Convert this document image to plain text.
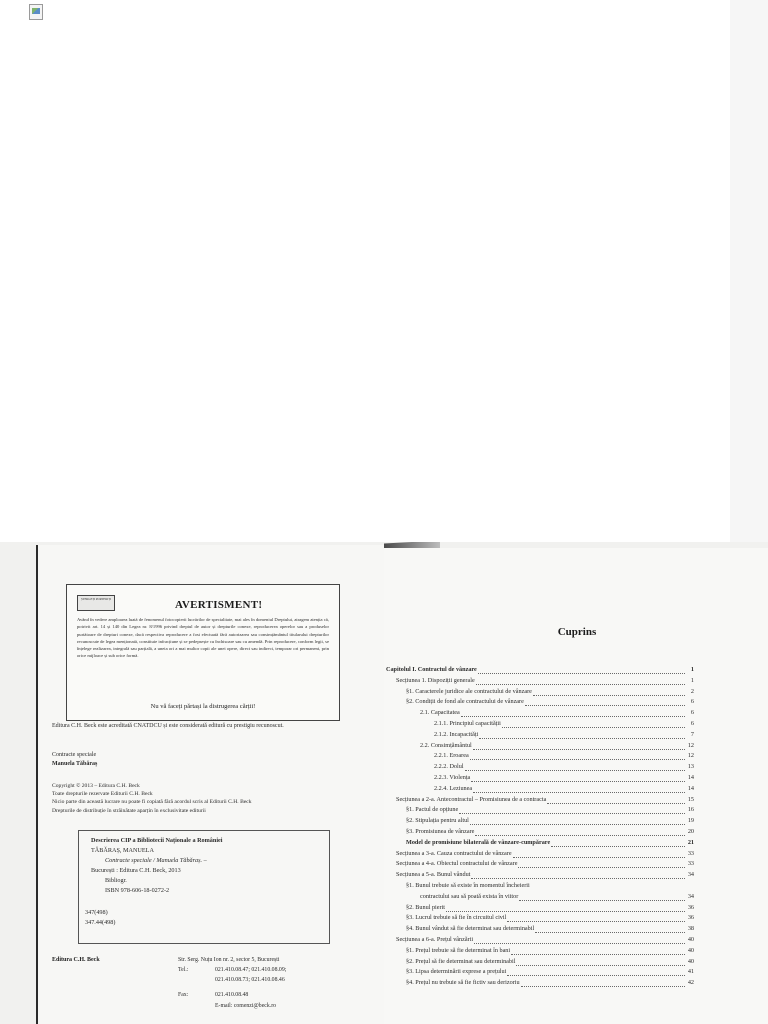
ȘTERGEȚI PORTERIȚI	AVERTISMENT!
Având în vedere amploarea luată de fenomenul fotocopierii lucrărilor de specialitate, mai ales în domeniul Dreptului, atragem atenția că, potrivit art. 14 și 140 din Legea nr. 8/1996 privind dreptul de autor și drepturile conexe, reproducerea operelor sau a produselor purtătoare de drepturi conexe, dacă respectiva reproducere a fost efectuată fără autorizarea sau consimțământul titularului drepturilor recunoscute de legea menționată, constituie infracțiune și se pedepsește cu închisoare sau cu amendă. Prin reproducere, conform legii, se înțelege realizarea, integrală sau parțială, a uneia ori a mai multor copii ale unei opere, direct sau indirect, temporar ori permanent, prin orice mijloace și sub orice formă.
Nu vă faceți părtași la distrugerea cărții!
Editura C.H. Beck este acreditată CNATDCU și este considerată editură cu prestigiu recunoscut.
Contracte speciale
Manuela Tăbăraș
Copyright © 2013 – Editura C.H. Beck
Toate drepturile rezervate Editurii C.H. Beck
Nicio parte din această lucrare nu poate fi copiată fără acordul scris al Editurii C.H. Beck
Drepturile de distribuție în străinătate aparțin în exclusivitate editurii
Descrierea CIP a Bibliotecii Naționale a României
TĂBĂRAȘ, MANUELA
Contracte speciale / Manuela Tăbăraș. –
București : Editura C.H. Beck, 2013
Bibliogr.
ISBN 978-606-18-0272-2
347(498)
347.44(498)
Editura C.H. Beck	Str. Serg. Nuțu Ion nr. 2, sector 5, București
Tel.:	021.410.08.47; 021.410.08.09;
021.410.08.73; 021.410.08.46
Fax:	021.410.08.48
E-mail: comenzi@beck.ro
Cuprins
Capitolul I. Contractul de vânzare	1
Secțiunea 1. Dispoziții generale	1
§1. Caracterele juridice ale contractului de vânzare	2
§2. Condiții de fond ale contractului de vânzare	6
2.1. Capacitatea	6
2.1.1. Principiul capacității	6
2.1.2. Incapacități	7
2.2. Consimțământul	12
2.2.1. Eroarea	12
2.2.2. Dolul	13
2.2.3. Violența	14
2.2.4. Leziunea	14
Secțiunea a 2-a. Antecontractul – Promisiunea de a contracta	15
§1. Pactul de opțiune	16
§2. Stipulația pentru altul	19
§3. Promisiunea de vânzare	20
Model de promisiune bilaterală de vânzare-cumpărare	21
Secțiunea a 3-a. Cauza contractului de vânzare	33
Secțiunea a 4-a. Obiectul contractului de vânzare	33
Secțiunea a 5-a. Bunul vândut	34
§1. Bunul trebuie să existe în momentul încheierii
contractului sau să poată exista în viitor	34
§2. Bunul pierit	36
§3. Lucrul trebuie să fie în circuitul civil	36
§4. Bunul vândut să fie determinat sau determinabil	38
Secțiunea a 6-a. Prețul vânzării	40
§1. Prețul trebuie să fie determinat în bani	40
§2. Prețul să fie determinat sau determinabil	40
§3. Lipsa determinării exprese a prețului	41
§4. Prețul nu trebuie să fie fictiv sau derizoriu	42
